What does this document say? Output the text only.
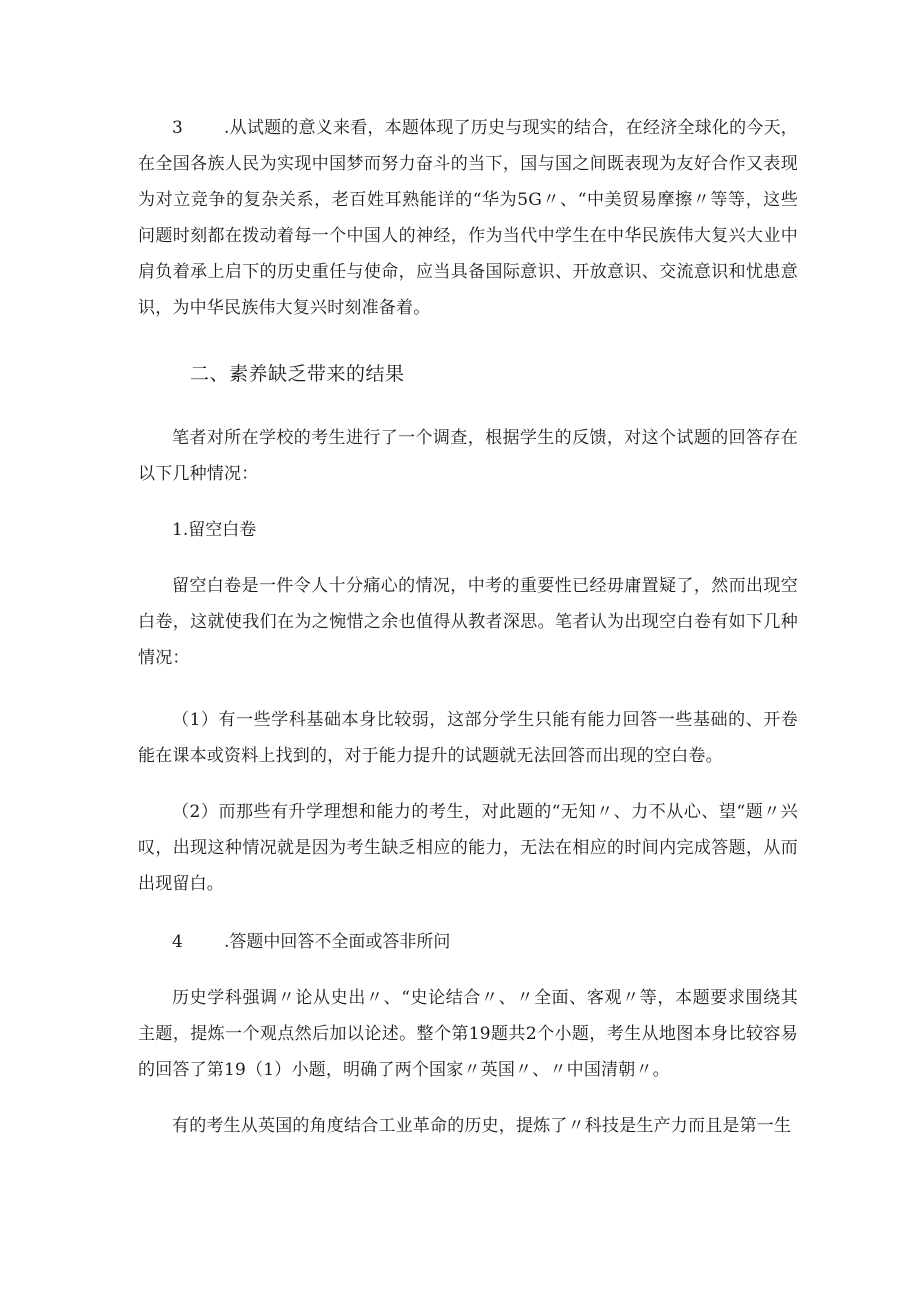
3 .从试题的意义来看，本题体现了历史与现实的结合，在经济全球化的今天，在全国各族人民为实现中国梦而努力奋斗的当下，国与国之间既表现为友好合作又表现为对立竞争的复杂关系，老百姓耳熟能详的“华为5G〃、“中美贸易摩擦〃等等，这些问题时刻都在拨动着每一个中国人的神经，作为当代中学生在中华民族伟大复兴大业中肩负着承上启下的历史重任与使命，应当具备国际意识、开放意识、交流意识和忧患意识，为中华民族伟大复兴时刻准备着。

二、素养缺乏带来的结果

笔者对所在学校的考生进行了一个调查，根据学生的反馈，对这个试题的回答存在以下几种情况：

1.留空白卷

留空白卷是一件令人十分痛心的情况，中考的重要性已经毋庸置疑了，然而出现空白卷，这就使我们在为之惋惜之余也值得从教者深思。笔者认为出现空白卷有如下几种情况：

（1）有一些学科基础本身比较弱，这部分学生只能有能力回答一些基础的、开卷能在课本或资料上找到的，对于能力提升的试题就无法回答而出现的空白卷。

（2）而那些有升学理想和能力的考生，对此题的“无知〃、力不从心、望“题〃兴叹，出现这种情况就是因为考生缺乏相应的能力，无法在相应的时间内完成答题，从而出现留白。

4 .答题中回答不全面或答非所问

历史学科强调〃论从史出〃、“史论结合〃、〃全面、客观〃等，本题要求围绕其主题，提炼一个观点然后加以论述。整个第19题共2个小题，考生从地图本身比较容易的回答了第19（1）小题，明确了两个国家〃英国〃、〃中国清朝〃。

有的考生从英国的角度结合工业革命的历史，提炼了〃科技是生产力而且是第一生
